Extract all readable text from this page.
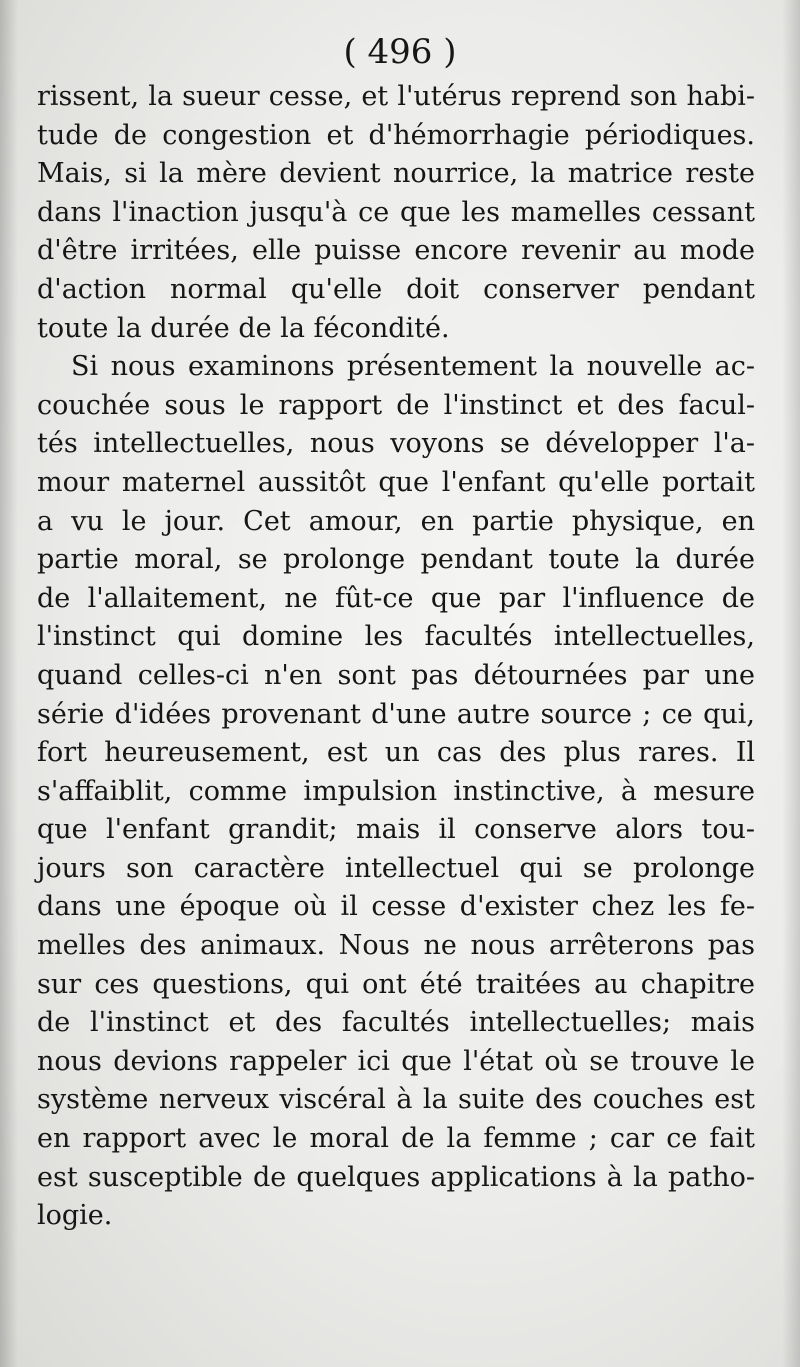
( 496 )
rissent, la sueur cesse, et l'utérus reprend son habi-
tude de congestion et d'hémorrhagie périodiques.
Mais, si la mère devient nourrice, la matrice reste
dans l'inaction jusqu'à ce que les mamelles cessant
d'être irritées, elle puisse encore revenir au mode
d'action normal qu'elle doit conserver pendant
toute la durée de la fécondité.
Si nous examinons présentement la nouvelle ac-
couchée sous le rapport de l'instinct et des facul-
tés intellectuelles, nous voyons se développer l'a-
mour maternel aussitôt que l'enfant qu'elle portait
a vu le jour. Cet amour, en partie physique, en
partie moral, se prolonge pendant toute la durée
de l'allaitement, ne fût-ce que par l'influence de
l'instinct qui domine les facultés intellectuelles,
quand celles-ci n'en sont pas détournées par une
série d'idées provenant d'une autre source ; ce qui,
fort heureusement, est un cas des plus rares. Il
s'affaiblit, comme impulsion instinctive, à mesure
que l'enfant grandit; mais il conserve alors tou-
jours son caractère intellectuel qui se prolonge
dans une époque où il cesse d'exister chez les fe-
melles des animaux. Nous ne nous arrêterons pas
sur ces questions, qui ont été traitées au chapitre
de l'instinct et des facultés intellectuelles; mais
nous devions rappeler ici que l'état où se trouve le
système nerveux viscéral à la suite des couches est
en rapport avec le moral de la femme ; car ce fait
est susceptible de quelques applications à la patho-
logie.
